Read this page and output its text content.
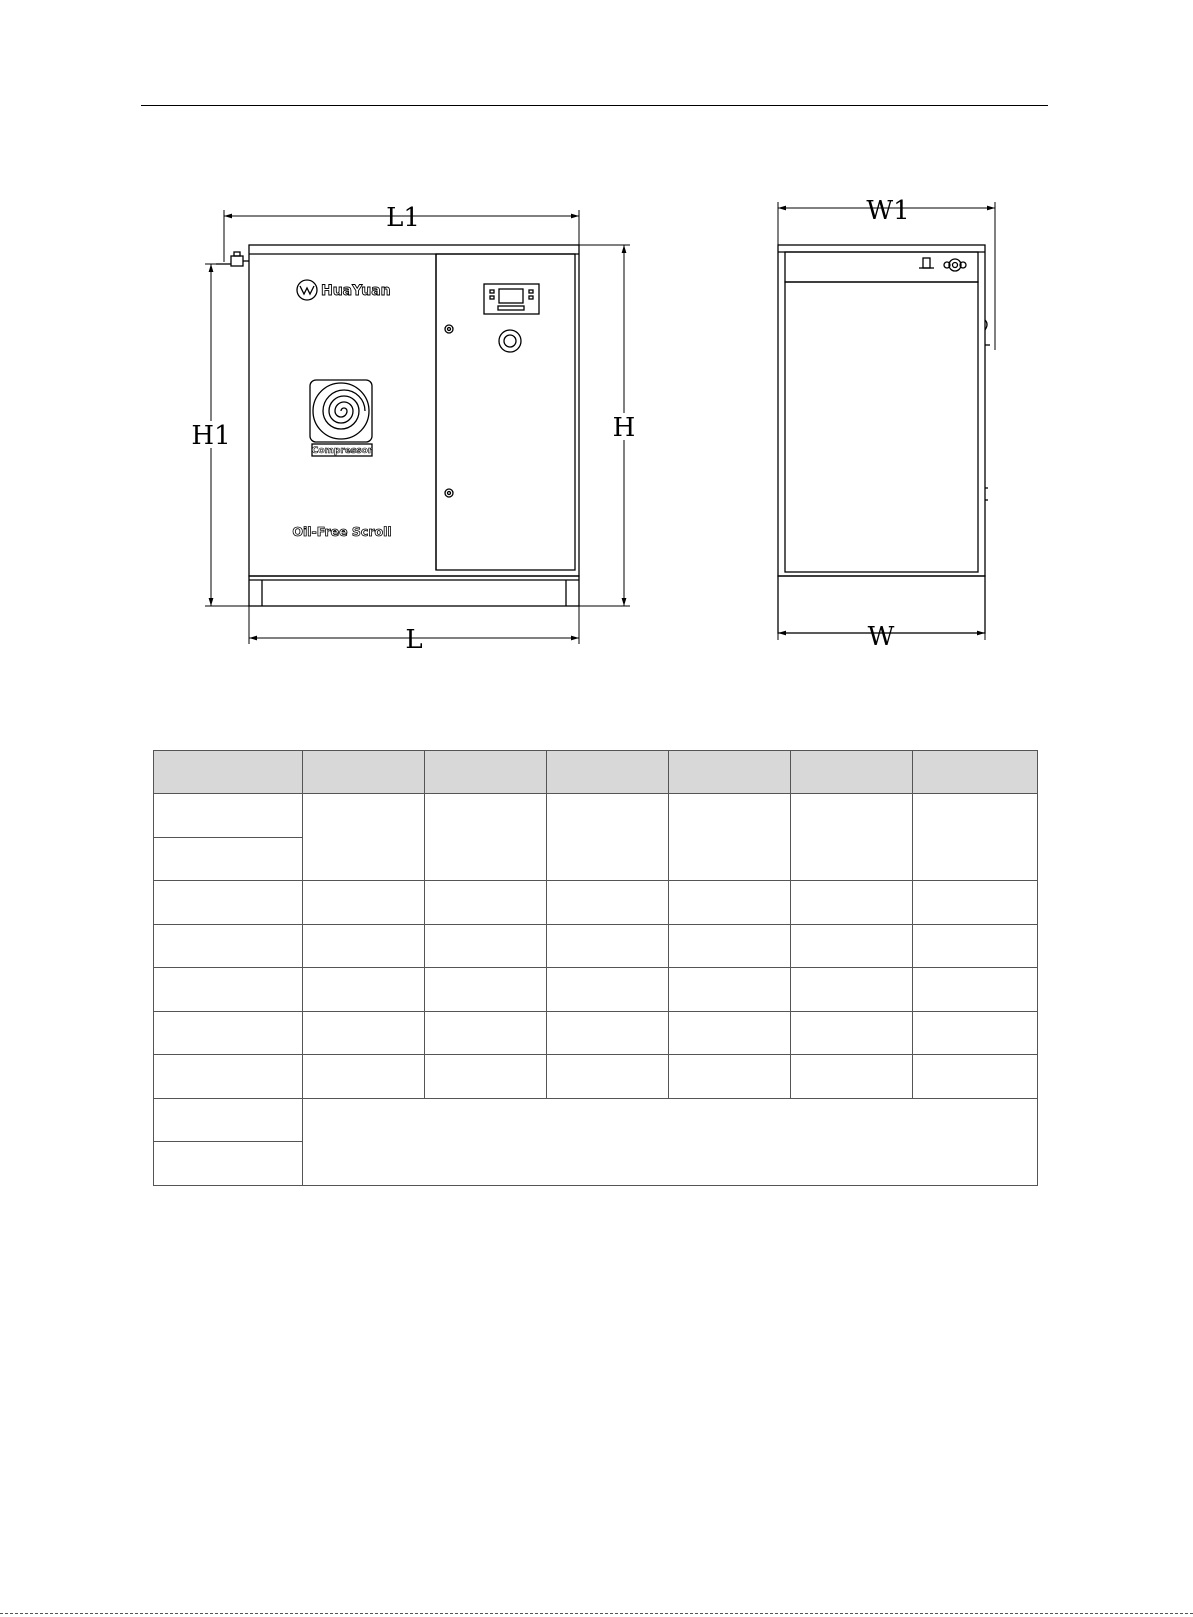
L1
L
H1	H
HuaYuan
Compressor
Oil-Free Scroll
W1
W
